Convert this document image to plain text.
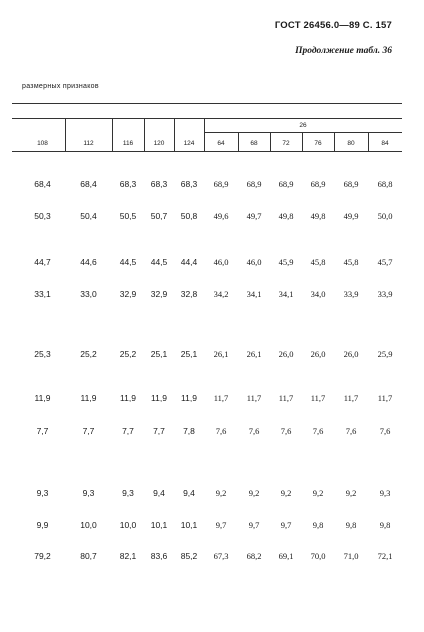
ГОСТ 26456.0—89 С. 157
Продолжение табл. 36
размерных признаков
26
108	112	116	120	124	64	68	72	76	80	84
68,4	68,4	68,3	68,3	68,3	68,9	68,9	68,9	68,9	68,9	68,8
50,3	50,4	50,5	50,7	50,8	49,6	49,7	49,8	49,8	49,9	50,0
44,7	44,6	44,5	44,5	44,4	46,0	46,0	45,9	45,8	45,8	45,7
33,1	33,0	32,9	32,9	32,8	34,2	34,1	34,1	34,0	33,9	33,9
25,3	25,2	25,2	25,1	25,1	26,1	26,1	26,0	26,0	26,0	25,9
11,9	11,9	11,9	11,9	11,9	11,7	11,7	11,7	11,7	11,7	11,7
7,7	7,7	7,7	7,7	7,8	7,6	7,6	7,6	7,6	7,6	7,6
9,3	9,3	9,3	9,4	9,4	9,2	9,2	9,2	9,2	9,2	9,3
9,9	10,0	10,0	10,1	10,1	9,7	9,7	9,7	9,8	9,8	9,8
79,2	80,7	82,1	83,6	85,2	67,3	68,2	69,1	70,0	71,0	72,1
